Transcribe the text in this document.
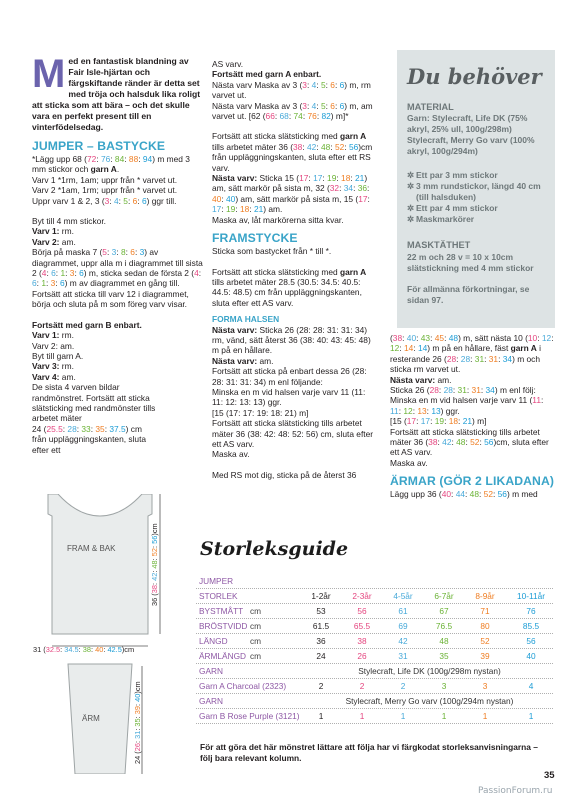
M ed en fantastisk blandning av Fair Isle-hjärtan och färgskiftande ränder är detta set med tröja och halsduk lika roligt att sticka som att bära – och det skulle vara en perfekt present till en vinterfödelsedag.
JUMPER – BASTYCKE
*Lägg upp 68 (72: 76: 84: 88: 94) m med 3 mm stickor och garn A.
Varv 1 *1rm, 1am; uppr från * varvet ut.
Varv 2 *1am, 1rm; uppr från * varvet ut.
Uppr varv 1 & 2, 3 (3: 4: 5: 6: 6) ggr till.
Byt till 4 mm stickor.
Varv 1: rm.
Varv 2: am.
Börja på maska 7 (5: 3: 8: 6: 3) av diagrammet, uppr alla m i diagrammet till sista 2 (4: 6: 1: 3: 6) m, sticka sedan de första 2 (4: 6: 1: 3: 6) m av diagrammet en gång till.
Fortsätt att sticka till varv 12 i diagrammet, börja och sluta på m som föreg varv visar.
Fortsätt med garn B enbart.
Varv 1: rm.
Varv 2: am.
Byt till garn A.
Varv 3: rm.
Varv 4: am.
De sista 4 varven bildar randmönstret. Fortsätt att sticka slätsticking med randmönster tills arbetet mäter
24 (25.5: 28: 33: 35: 37.5) cm från uppläggningskanten, sluta efter ett
FRAM & BAK
ÄRM
36 (38: 42: 48: 52: 56)cm
31 (32.5: 34.5: 38: 40: 42.5)cm
24 (26: 31: 35: 39: 40)cm
AS varv.
Fortsätt med garn A enbart.
Nästa varv Maska av 3 (3: 4: 5: 6: 6) m, rm varvet ut.
Nästa varv Maska av 3 (3: 4: 5: 6: 6) m, am varvet ut. [62 (66: 68: 74: 76: 82) m]*
Fortsätt att sticka slätsticking med garn A tills arbetet mäter 36 (38: 42: 48: 52: 56)cm från uppläggningskanten, sluta efter ett RS varv.
Nästa varv: Sticka 15 (17: 17: 19: 18: 21) am, sätt markör på sista m, 32 (32: 34: 36: 40: 40) am, sätt markör på sista m, 15 (17: 17: 19: 18: 21) am.
Maska av, låt markörerna sitta kvar.
FRAMSTYCKE
Sticka som bastycket från * till *.
Fortsätt att sticka slätsticking med garn A tills arbetet mäter 28.5 (30.5: 34.5: 40.5: 44.5: 48.5) cm från uppläggningskanten, sluta efter ett AS varv.
FORMA HALSEN
Nästa varv: Sticka 26 (28: 28: 31: 31: 34) rm, vänd, sätt återst 36 (38: 40: 43: 45: 48) m på en hållare.
Nästa varv: am.
Fortsätt att sticka på enbart dessa 26 (28: 28: 31: 31: 34) m enl följande:
Minska en m vid halsen varje varv 11 (11: 11: 12: 13: 13) ggr.
[15 (17: 17: 19: 18: 21) m]
Fortsätt att sticka slätsticking tills arbetet mäter 36 (38: 42: 48: 52: 56) cm, sluta efter ett AS varv.
Maska av.
Med RS mot dig, sticka på de återst 36
Du behöver
MATERIAL
Garn: Stylecraft, Life DK (75% akryl, 25% ull, 100g/298m) Stylecraft, Merry Go varv (100% akryl, 100g/294m)
✲ Ett par 3 mm stickor
✲ 3 mm rundstickor, längd 40 cm (till halsduken)
✲ Ett par 4 mm stickor
✲ Maskmarkörer
MASKTÄTHET
22 m och 28 v = 10 x 10cm slätstickning med 4 mm stickor
För allmänna förkortningar, se sidan 97.
(38: 40: 43: 45: 48) m, sätt nästa 10 (10: 12: 12: 14: 14) m på en hållare, fäst garn A i resterande 26 (28: 28: 31: 31: 34) m och sticka rm varvet ut.
Nästa varv: am.
Sticka 26 (28: 28: 31: 31: 34) m enl följ:
Minska en m vid halsen varje varv 11 (11: 11: 12: 13: 13) ggr.
[15 (17: 17: 19: 18: 21) m]
Fortsätt att sticka slätsticking tills arbetet mäter 36 (38: 42: 48: 52: 56)cm, sluta efter ett AS varv.
Maska av.
ÄRMAR (GÖR 2 LIKADANA)
Lägg upp 36 (40: 44: 48: 52: 56) m med
Storleksguide
JUMPER
STORLEK	1-2år	2-3år	4-5år	6-7år	8-9år	10-11år
BYSTMÅTT cm	53	56	61	67	71	76
BRÖSTVIDD cm	61.5	65.5	69	76.5	80	85.5
LÄNGD	cm	36	38	42	48	52	56
ÄRMLÄNGD cm	24	26	31	35	39	40
GARN	Stylecraft, Life DK (100g/298m nystan)
Garn A Charcoal (2323)	2	2	2	3	3	4
GARN	Stylecraft, Merry Go varv (100g/294m nystan)
Garn B Rose Purple (3121)	1	1	1	1	1	1
För att göra det här mönstret lättare att följa har vi färgkodat storleksanvisningarna – följ bara relevant kolumn.
35
PassionForum.ru
